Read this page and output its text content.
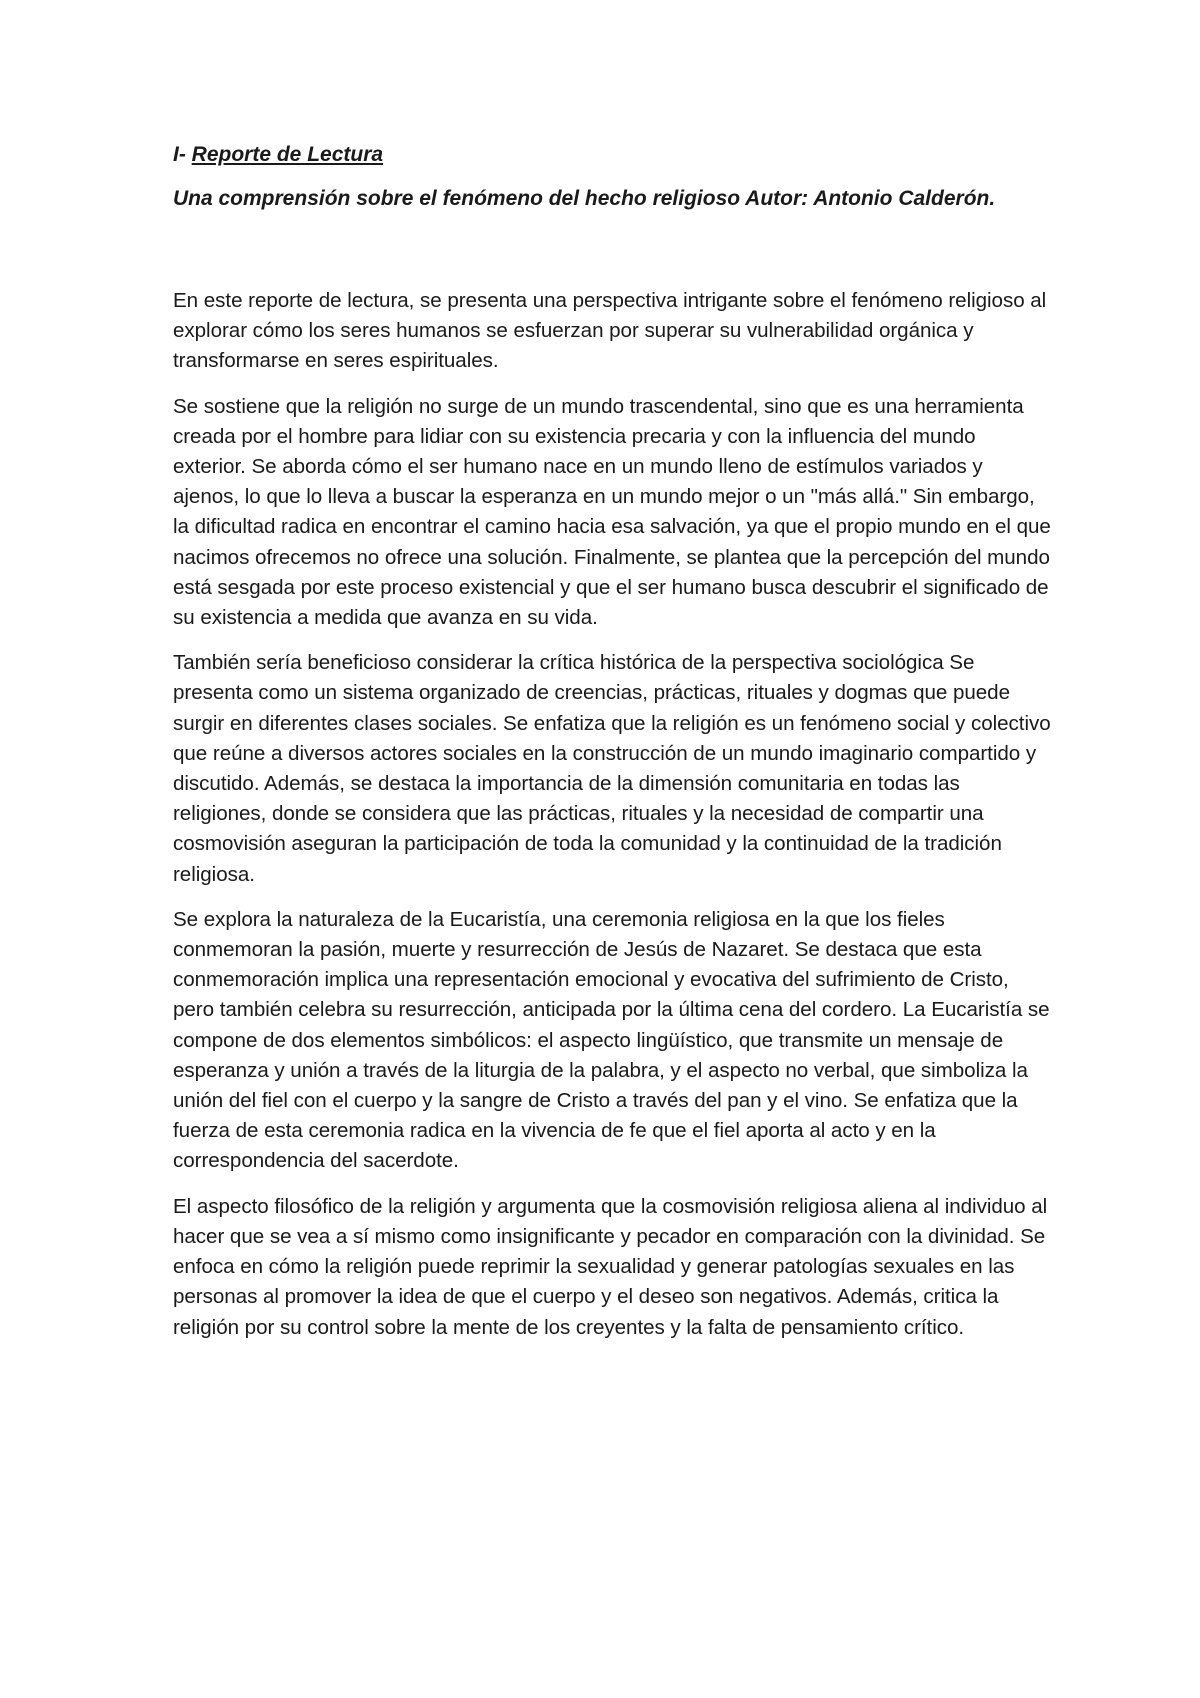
I- Reporte de Lectura

Una comprensión sobre el fenómeno del hecho religioso Autor: Antonio Calderón.

En este reporte de lectura, se presenta una perspectiva intrigante sobre el fenómeno religioso al explorar cómo los seres humanos se esfuerzan por superar su vulnerabilidad orgánica y transformarse en seres espirituales.

Se sostiene que la religión no surge de un mundo trascendental, sino que es una herramienta creada por el hombre para lidiar con su existencia precaria y con la influencia del mundo exterior. Se aborda cómo el ser humano nace en un mundo lleno de estímulos variados y ajenos, lo que lo lleva a buscar la esperanza en un mundo mejor o un "más allá." Sin embargo, la dificultad radica en encontrar el camino hacia esa salvación, ya que el propio mundo en el que nacimos ofrecemos no ofrece una solución. Finalmente, se plantea que la percepción del mundo está sesgada por este proceso existencial y que el ser humano busca descubrir el significado de su existencia a medida que avanza en su vida.

También sería beneficioso considerar la crítica histórica de la perspectiva sociológica Se presenta como un sistema organizado de creencias, prácticas, rituales y dogmas que puede surgir en diferentes clases sociales. Se enfatiza que la religión es un fenómeno social y colectivo que reúne a diversos actores sociales en la construcción de un mundo imaginario compartido y discutido. Además, se destaca la importancia de la dimensión comunitaria en todas las religiones, donde se considera que las prácticas, rituales y la necesidad de compartir una cosmovisión aseguran la participación de toda la comunidad y la continuidad de la tradición religiosa.

Se explora la naturaleza de la Eucaristía, una ceremonia religiosa en la que los fieles conmemoran la pasión, muerte y resurrección de Jesús de Nazaret. Se destaca que esta conmemoración implica una representación emocional y evocativa del sufrimiento de Cristo, pero también celebra su resurrección, anticipada por la última cena del cordero. La Eucaristía se compone de dos elementos simbólicos: el aspecto lingüístico, que transmite un mensaje de esperanza y unión a través de la liturgia de la palabra, y el aspecto no verbal, que simboliza la unión del fiel con el cuerpo y la sangre de Cristo a través del pan y el vino. Se enfatiza que la fuerza de esta ceremonia radica en la vivencia de fe que el fiel aporta al acto y en la correspondencia del sacerdote.

El aspecto filosófico de la religión y argumenta que la cosmovisión religiosa aliena al individuo al hacer que se vea a sí mismo como insignificante y pecador en comparación con la divinidad. Se enfoca en cómo la religión puede reprimir la sexualidad y generar patologías sexuales en las personas al promover la idea de que el cuerpo y el deseo son negativos. Además, critica la religión por su control sobre la mente de los creyentes y la falta de pensamiento crítico.
